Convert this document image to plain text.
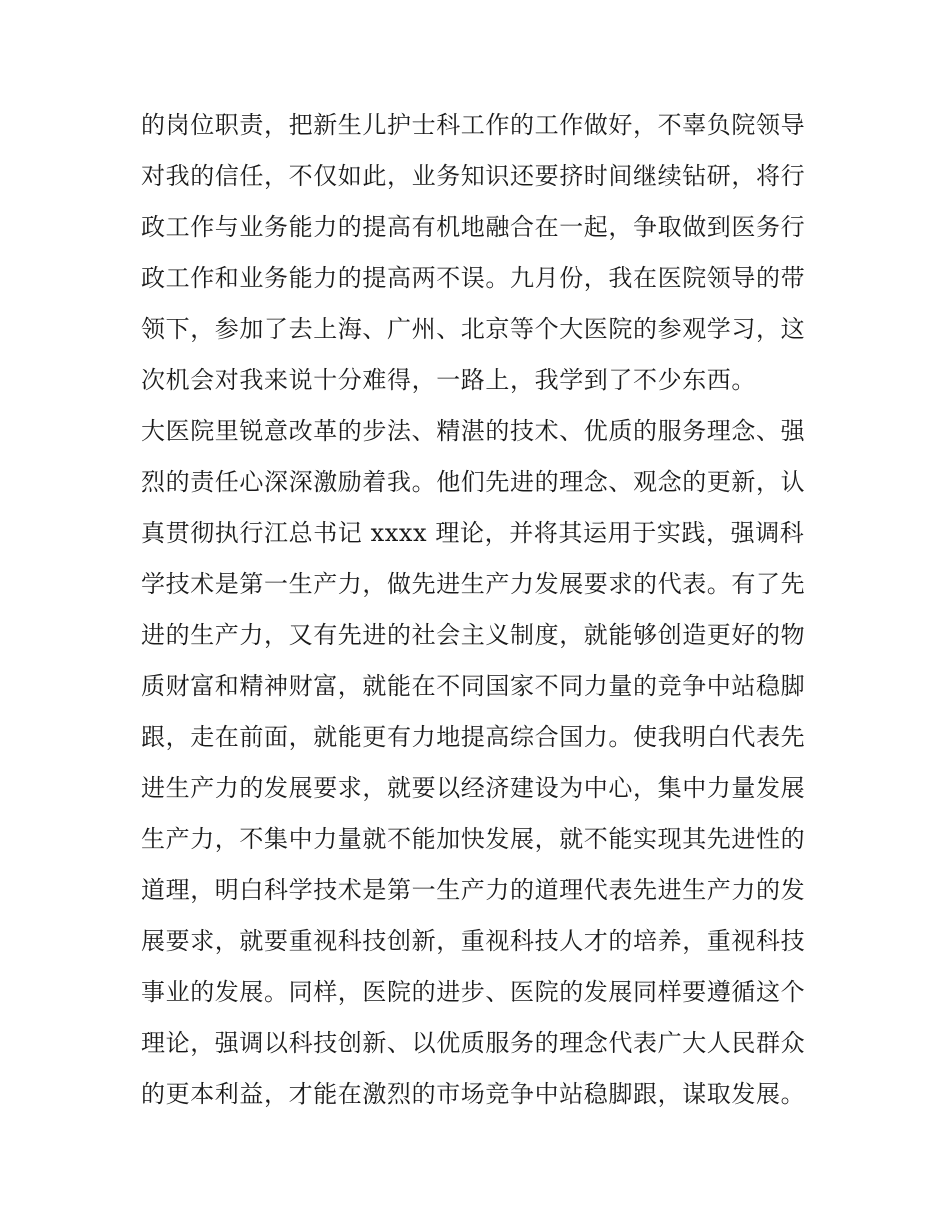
的岗位职责，把新生儿护士科工作的工作做好，不辜负院领导
对我的信任，不仅如此，业务知识还要挤时间继续钻研，将行
政工作与业务能力的提高有机地融合在一起，争取做到医务行
政工作和业务能力的提高两不误。九月份，我在医院领导的带
领下，参加了去上海、广州、北京等个大医院的参观学习，这
次机会对我来说十分难得，一路上，我学到了不少东西。
大医院里锐意改革的步法、精湛的技术、优质的服务理念、强
烈的责任心深深激励着我。他们先进的理念、观念的更新，认
真贯彻执行江总书记 xxxx 理论，并将其运用于实践，强调科
学技术是第一生产力，做先进生产力发展要求的代表。有了先
进的生产力，又有先进的社会主义制度，就能够创造更好的物
质财富和精神财富，就能在不同国家不同力量的竞争中站稳脚
跟，走在前面，就能更有力地提高综合国力。使我明白代表先
进生产力的发展要求，就要以经济建设为中心，集中力量发展
生产力，不集中力量就不能加快发展，就不能实现其先进性的
道理，明白科学技术是第一生产力的道理代表先进生产力的发
展要求，就要重视科技创新，重视科技人才的培养，重视科技
事业的发展。同样，医院的进步、医院的发展同样要遵循这个
理论，强调以科技创新、以优质服务的理念代表广大人民群众
的更本利益，才能在激烈的市场竞争中站稳脚跟，谋取发展。
